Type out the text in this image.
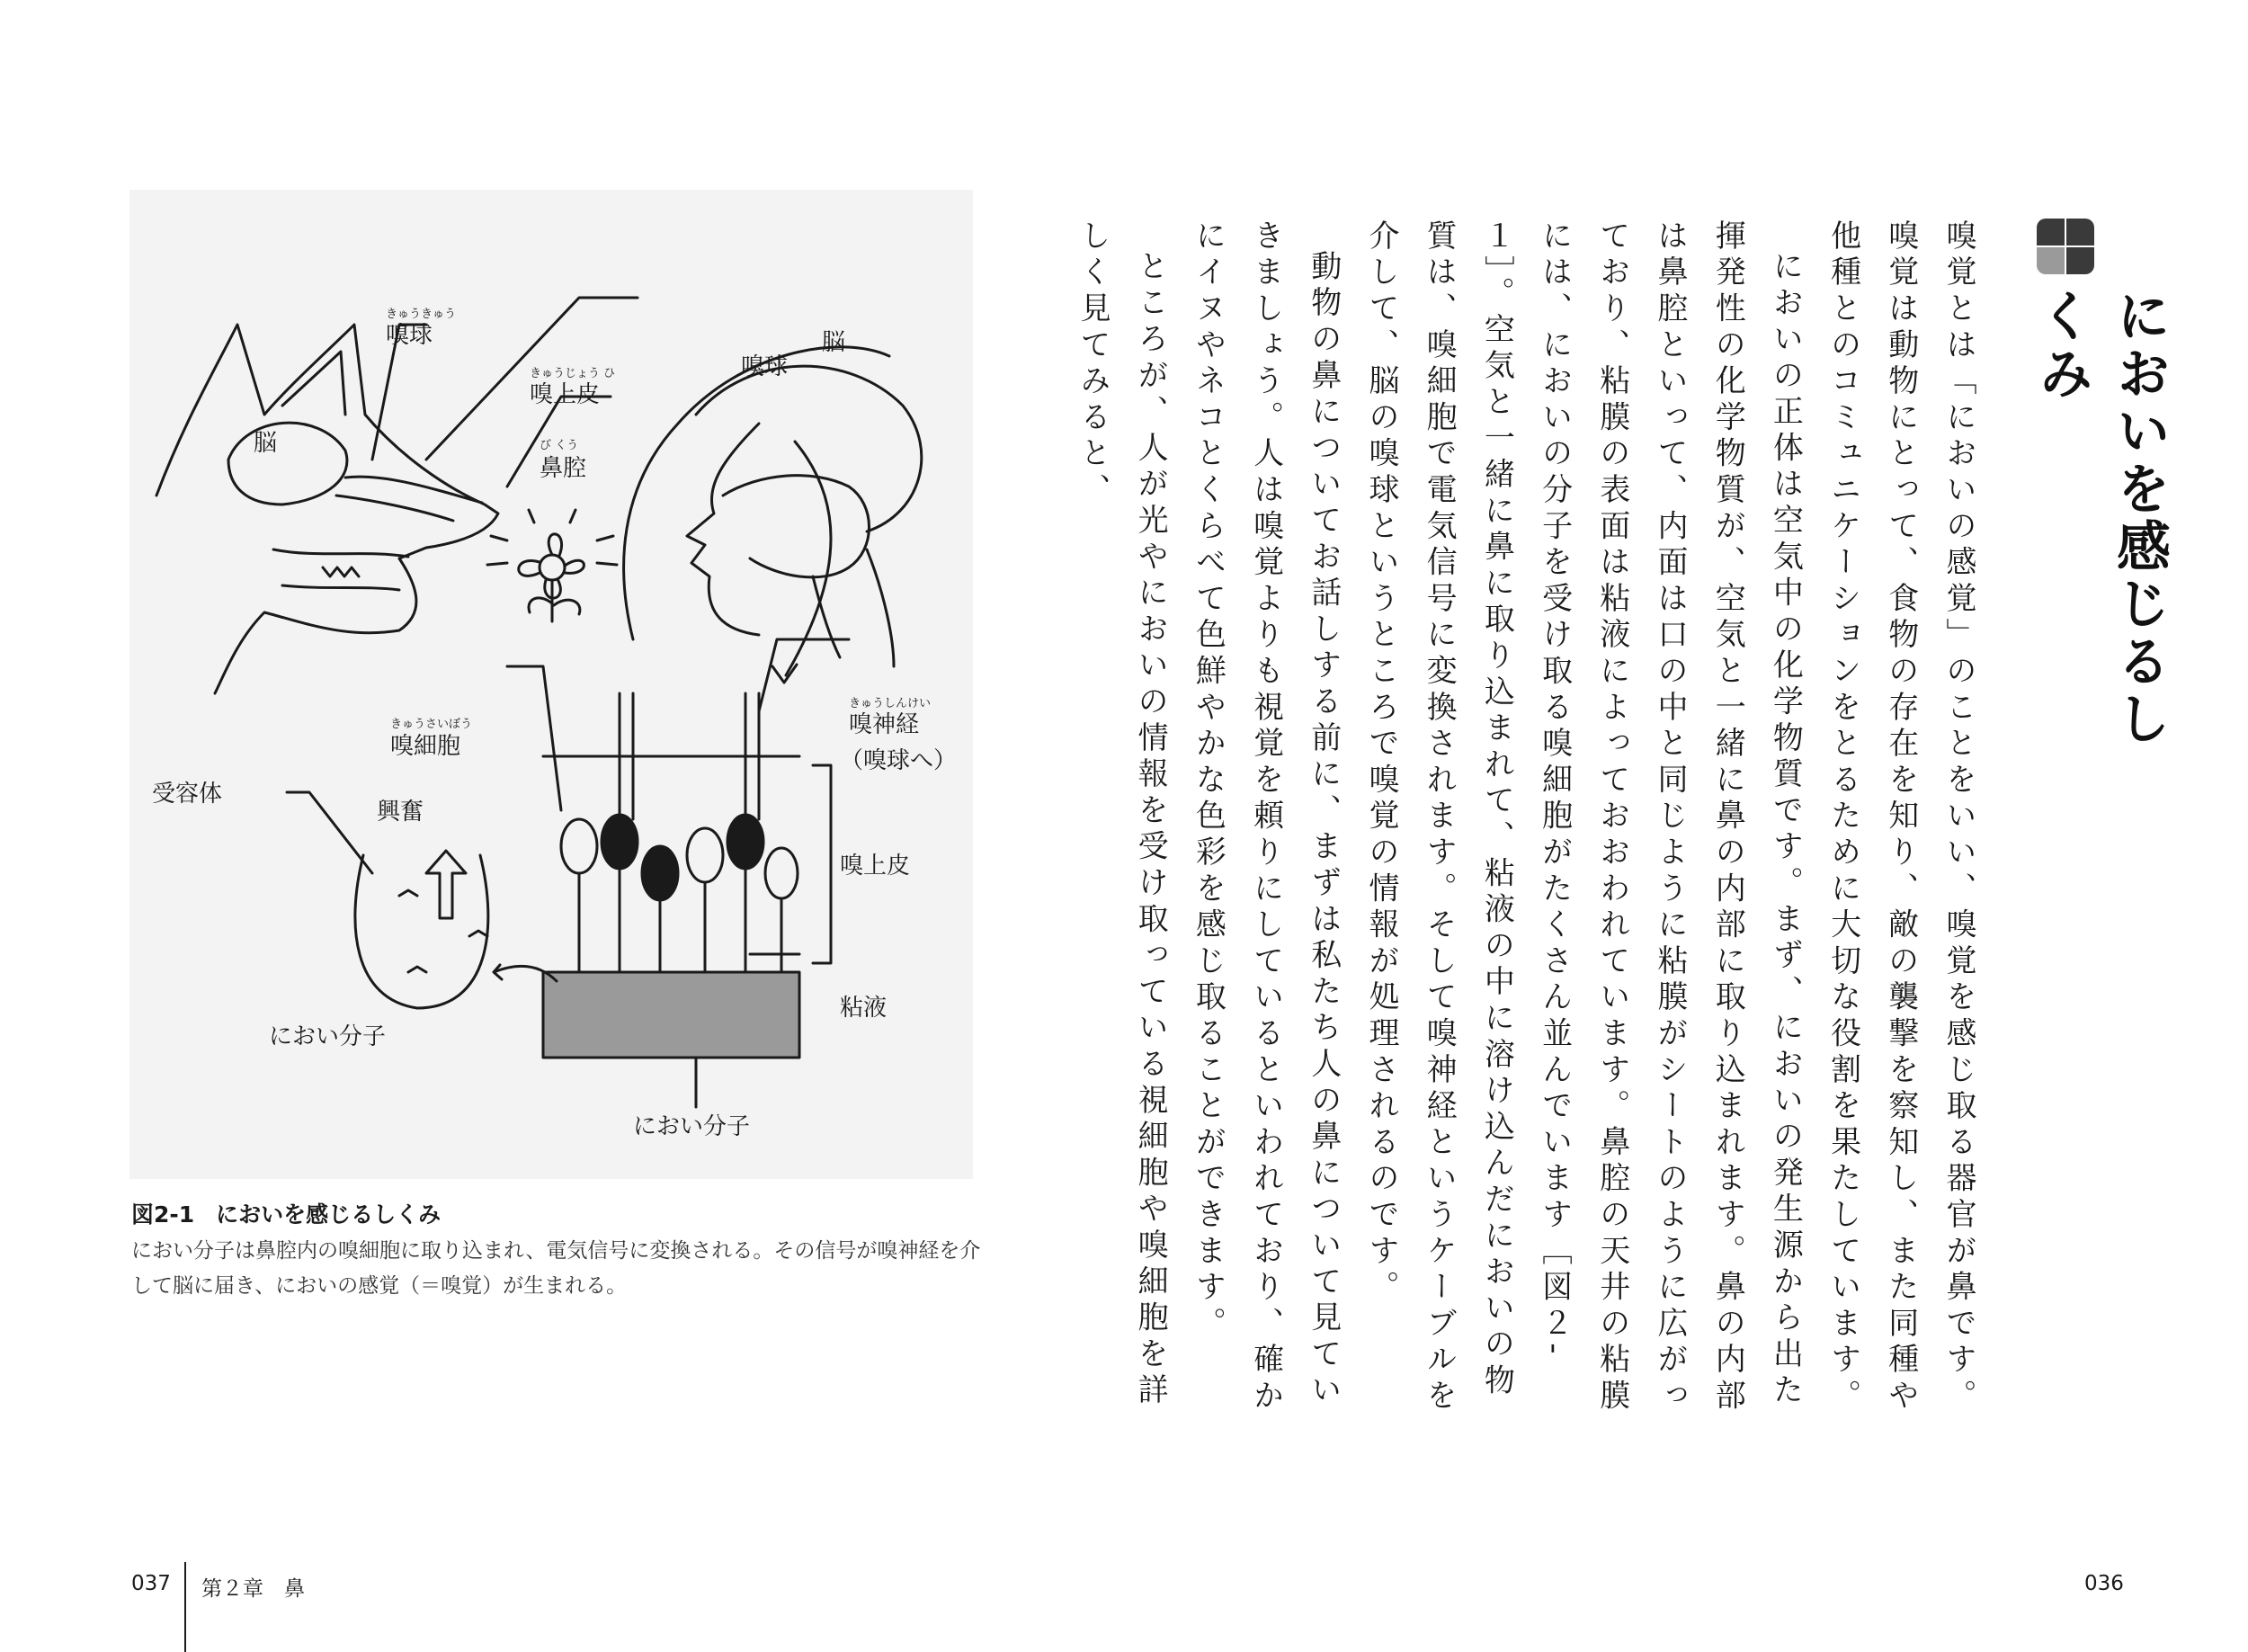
きゅうきゅう
嗅球
脳
きゅうじょう ひ
嗅上皮
び くう
鼻腔
脳
嗅球
きゅうさいぼう
嗅細胞
きゅうしんけい
嗅神経
（嗅球へ）
受容体
興奮
におい分子
嗅上皮
粘液
におい分子
図2-1 においを感じるしくみ
におい分子は鼻腔内の嗅細胞に取り込まれ、電気信号に変換される。その信号が嗅神経を介して脳に届き、においの感覚（＝嗅覚）が生まれる。
037 第２章　鼻
においを感じるしくみ

嗅覚とは「においの感覚」のことをいい、嗅覚を感じ取る器官が鼻です。嗅覚は動物にとって、食物の存在を知り、敵の襲撃を察知し、また同種や他種とのコミュニケーションをとるために大切な役割を果たしています。

においの正体は空気中の化学物質です。まず、においの発生源から出た揮発性の化学物質が、空気と一緒に鼻の内部に取り込まれます。鼻の内部は鼻腔といって、内面は口の中と同じように粘膜がシートのように広がっており、粘膜の表面は粘液によっておおわれています。鼻腔の天井の粘膜には、においの分子を受け取る嗅細胞がたくさん並んでいます［図２-１］。空気と一緒に鼻に取り込まれて、粘液の中に溶け込んだにおいの物質は、嗅細胞で電気信号に変換されます。そして嗅神経というケーブルを介して、脳の嗅球というところで嗅覚の情報が処理されるのです。

動物の鼻についてお話しする前に、まずは私たち人の鼻について見ていきましょう。人は嗅覚よりも視覚を頼りにしているといわれており、確かにイヌやネコとくらべて色鮮やかな色彩を感じ取ることができます。

ところが、人が光やにおいの情報を受け取っている視細胞や嗅細胞を詳しく見てみると、

036
